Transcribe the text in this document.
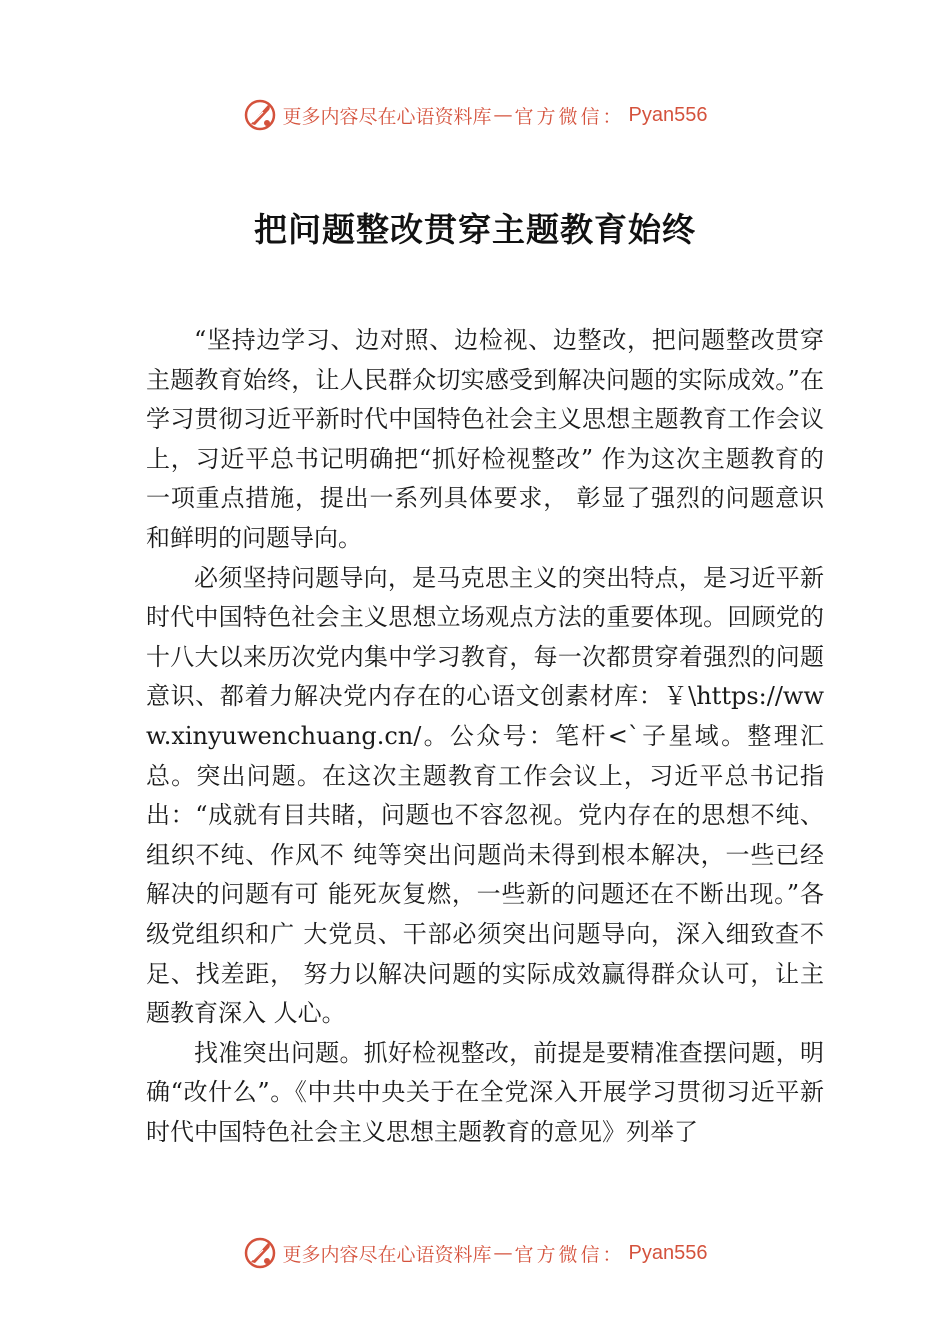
更多内容尽在心语资料库 — 官方微信： Pyan556
把问题整改贯穿主题教育始终

“坚持边学习、边对照、边检视、边整改，把问题整改贯穿主题教育始终，让人民群众切实感受到解决问题的实际成效。”在学习贯彻习近平新时代中国特色社会主义思想主题教育工作会议上，习近平总书记明确把“抓好检视整改” 作为这次主题教育的一项重点措施，提出一系列具体要求， 彰显了强烈的问题意识和鲜明的问题导向。

必须坚持问题导向，是马克思主义的突出特点，是习近平新时代中国特色社会主义思想立场观点方法的重要体现。回顾党的十八大以来历次党内集中学习教育，每一次都贯穿着强烈的问题意识、都着力解决党内存在的心语文创素材库：￥\https://www.xinyuwenchuang.cn/。公众号：笔杆<`子星域。整理汇总。突出问题。在这次主题教育工作会议上，习近平总书记指出：“成就有目共睹，问题也不容忽视。党内存在的思想不纯、组织不纯、作风不 纯等突出问题尚未得到根本解决，一些已经解决的问题有可 能死灰复燃，一些新的问题还在不断出现。”各级党组织和广 大党员、干部必须突出问题导向，深入细致查不足、找差距， 努力以解决问题的实际成效赢得群众认可，让主题教育深入 人心。

找准突出问题。抓好检视整改，前提是要精准查摆问题，明确“改什么”。《中共中央关于在全党深入开展学习贯彻习近平新时代中国特色社会主义思想主题教育的意见》列举了

更多内容尽在心语资料库 — 官方微信： Pyan556
